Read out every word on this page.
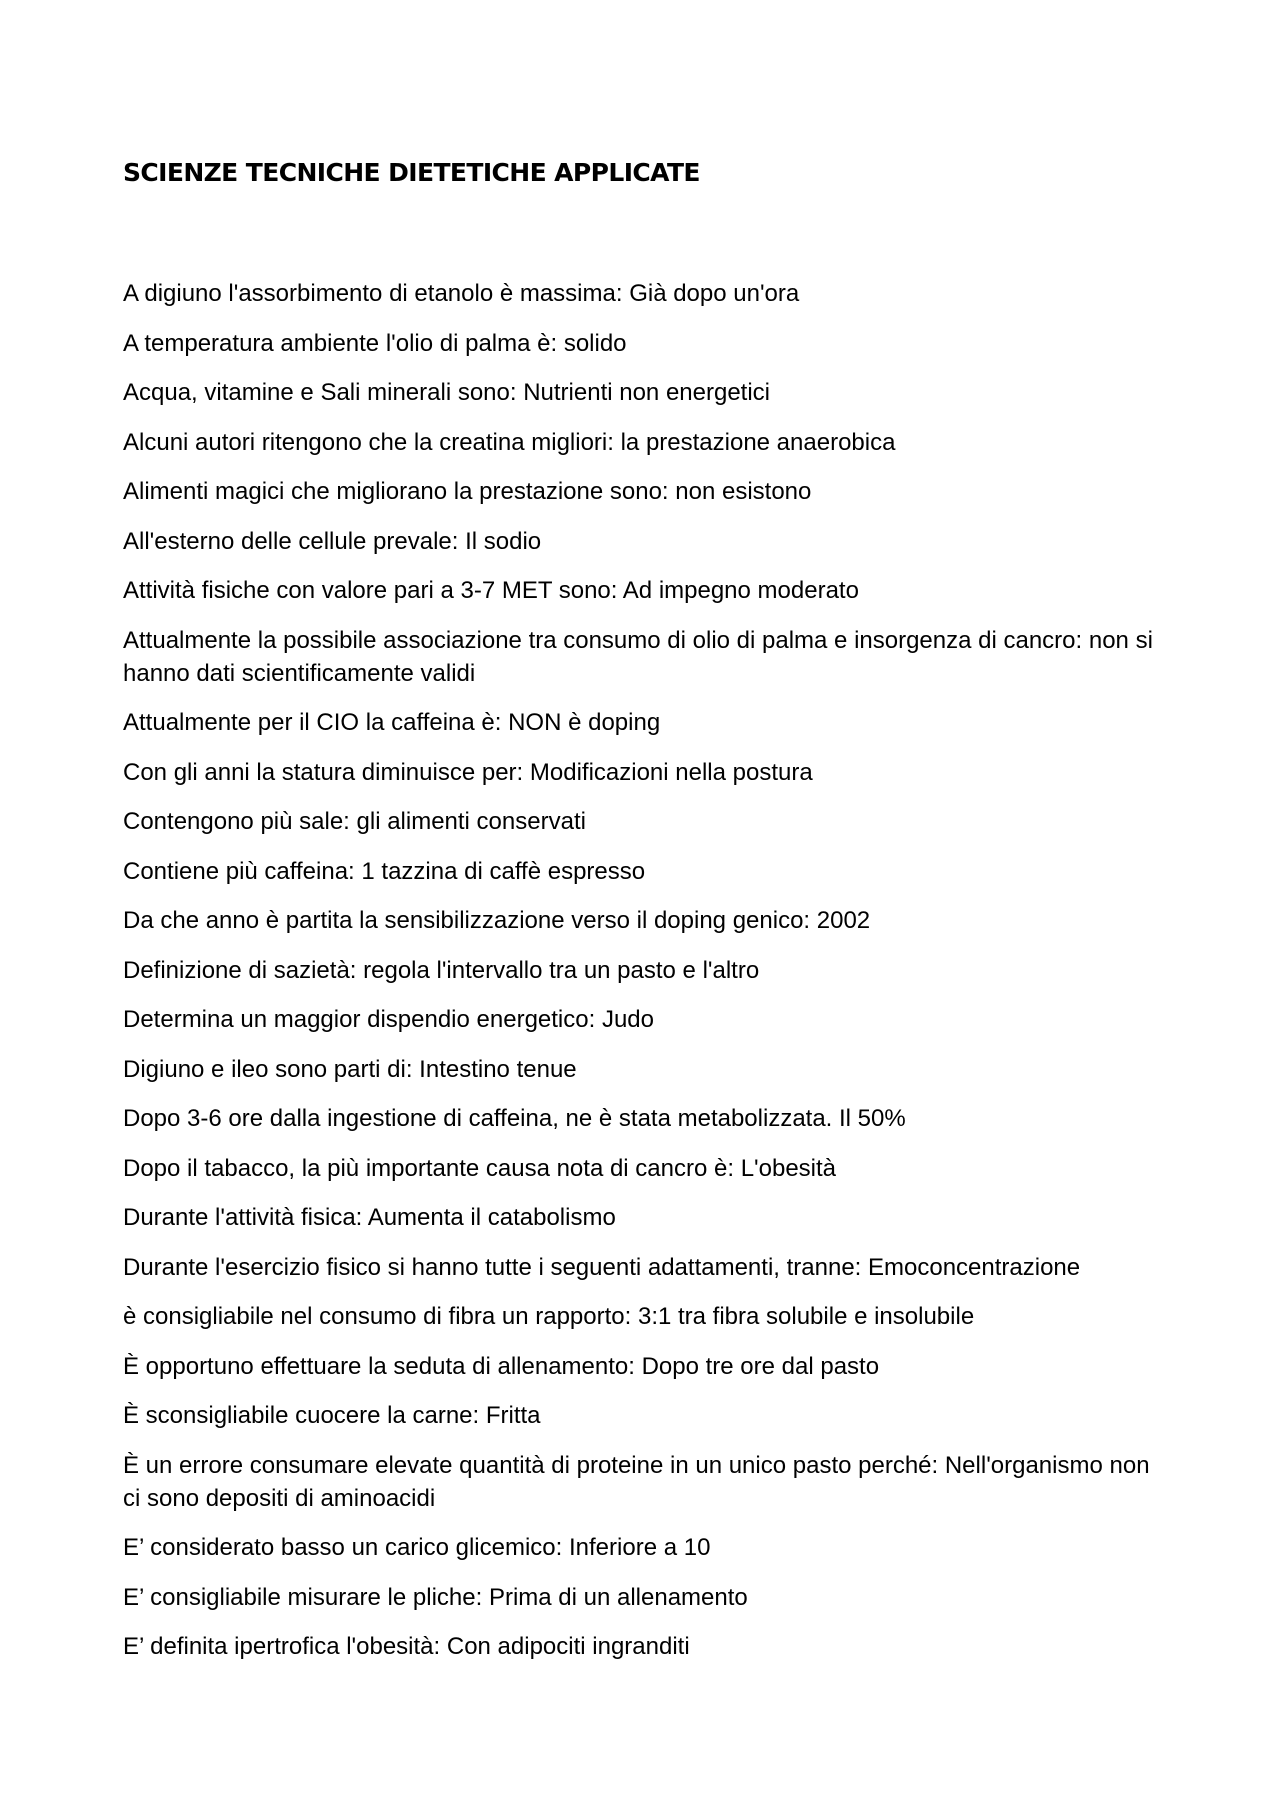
SCIENZE TECNICHE DIETETICHE APPLICATE
A digiuno l'assorbimento di etanolo è massima: Già dopo un'ora
A temperatura ambiente l'olio di palma è: solido
Acqua, vitamine e Sali minerali sono: Nutrienti non energetici
Alcuni autori ritengono che la creatina migliori: la prestazione anaerobica
Alimenti magici che migliorano la prestazione sono: non esistono
All'esterno delle cellule prevale: Il sodio
Attività fisiche con valore pari a 3-7 MET sono: Ad impegno moderato
Attualmente la possibile associazione tra consumo di olio di palma e insorgenza di cancro: non si hanno dati scientificamente validi
Attualmente per il CIO la caffeina è: NON è doping
Con gli anni la statura diminuisce per: Modificazioni nella postura
Contengono più sale: gli alimenti conservati
Contiene più caffeina: 1 tazzina di caffè espresso
Da che anno è partita la sensibilizzazione verso il doping genico: 2002
Definizione di sazietà: regola l'intervallo tra un pasto e l'altro
Determina un maggior dispendio energetico: Judo
Digiuno e ileo sono parti di: Intestino tenue
Dopo 3-6 ore dalla ingestione di caffeina, ne è stata metabolizzata. Il 50%
Dopo il tabacco, la più importante causa nota di cancro è: L'obesità
Durante l'attività fisica: Aumenta il catabolismo
Durante l'esercizio fisico si hanno tutte i seguenti adattamenti, tranne: Emoconcentrazione
è consigliabile nel consumo di fibra un rapporto: 3:1 tra fibra solubile e insolubile
È opportuno effettuare la seduta di allenamento: Dopo tre ore dal pasto
È sconsigliabile cuocere la carne: Fritta
È un errore consumare elevate quantità di proteine in un unico pasto perché: Nell'organismo non ci sono depositi di aminoacidi
E’ considerato basso un carico glicemico: Inferiore a 10
E’ consigliabile misurare le pliche: Prima di un allenamento
E’ definita ipertrofica l'obesità: Con adipociti ingranditi
